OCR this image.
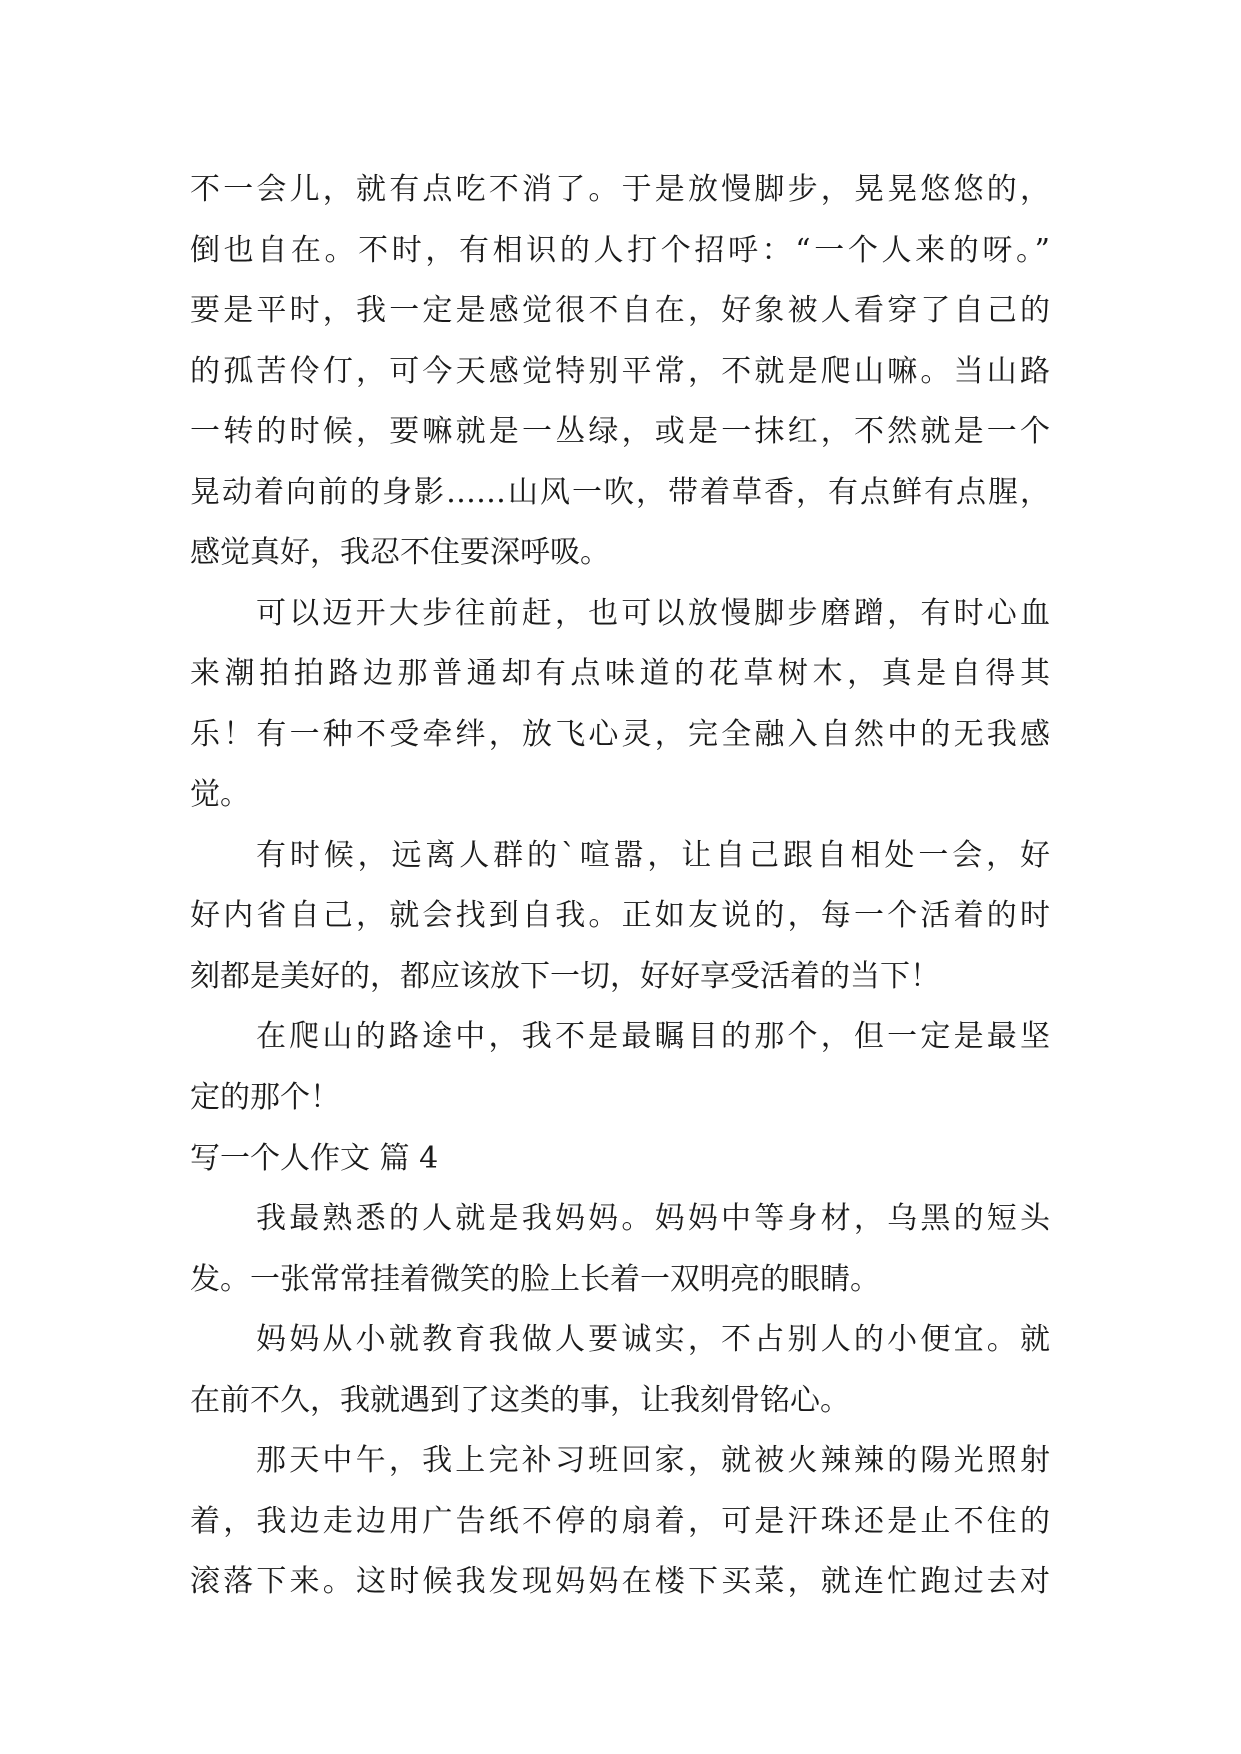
不一会儿，就有点吃不消了。于是放慢脚步，晃晃悠悠的，
倒也自在。不时，有相识的人打个招呼：“一个人来的呀。”
要是平时，我一定是感觉很不自在，好象被人看穿了自己的
的孤苦伶仃，可今天感觉特别平常，不就是爬山嘛。当山路
一转的时候，要嘛就是一丛绿，或是一抹红，不然就是一个
晃动着向前的身影……山风一吹，带着草香，有点鲜有点腥，
感觉真好，我忍不住要深呼吸。
可以迈开大步往前赶，也可以放慢脚步磨蹭，有时心血
来潮拍拍路边那普通却有点味道的花草树木，真是自得其
乐！有一种不受牵绊，放飞心灵，完全融入自然中的无我感
觉。
有时候，远离人群的`喧嚣，让自己跟自相处一会，好
好内省自己，就会找到自我。正如友说的，每一个活着的时
刻都是美好的，都应该放下一切，好好享受活着的当下！
在爬山的路途中，我不是最瞩目的那个，但一定是最坚
定的那个！
写一个人作文 篇 4
我最熟悉的人就是我妈妈。妈妈中等身材，乌黑的短头
发。一张常常挂着微笑的脸上长着一双明亮的眼睛。
妈妈从小就教育我做人要诚实，不占别人的小便宜。就
在前不久，我就遇到了这类的事，让我刻骨铭心。
那天中午，我上完补习班回家，就被火辣辣的陽光照射
着，我边走边用广告纸不停的扇着，可是汗珠还是止不住的
滚落下来。这时候我发现妈妈在楼下买菜，就连忙跑过去对
